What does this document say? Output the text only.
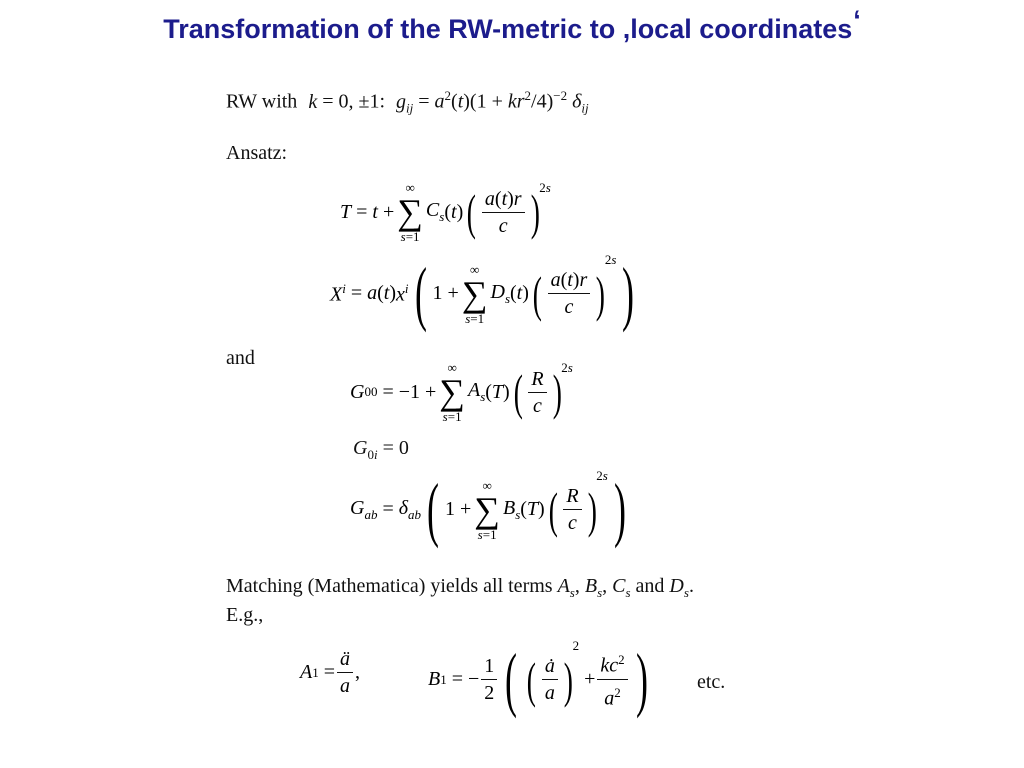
Transformation of the RW-metric to ,local coordinates‘
RW with k = 0, ±1: $g_{ij} = a^2(t)(1 + kr^2/4)^{-2}$ $\delta_{ij}$
Ansatz:
T = t +
∞
∑
s=1
$C_s$ ( t ) ( $\frac{a(t)r}{c}$ ) 2s
$X^i = a$ ( t ) $x^i$ ( 1 +
∞
∑
s=1
$D_s$ ( t ) ( $\frac{a(t)r}{c}$ )
2s )
and
G 00 = −1 +
∞
∑
s=1
$A_s$ ( T ) ( $\frac{R}{c}$ ) 2s
$G_{0i} = 0$
$G_{ab} = \delta_{ab}$ ( 1 +
∞
∑
s=1
$B_s$ ( T ) ( $\frac{R}{c}$ )
2s )
Matching (Mathematica) yields all terms $A_s$, $B_s$, $C_s$ and $D_s$.
E.g.,
A $1 = \frac{ä}{a}$ ,	B 1 = − $\frac{1}{2}$ ( ( $\frac{ȧ}{a}$ )
2
+ $\frac{kc^2}{a^2}$ ) etc.
